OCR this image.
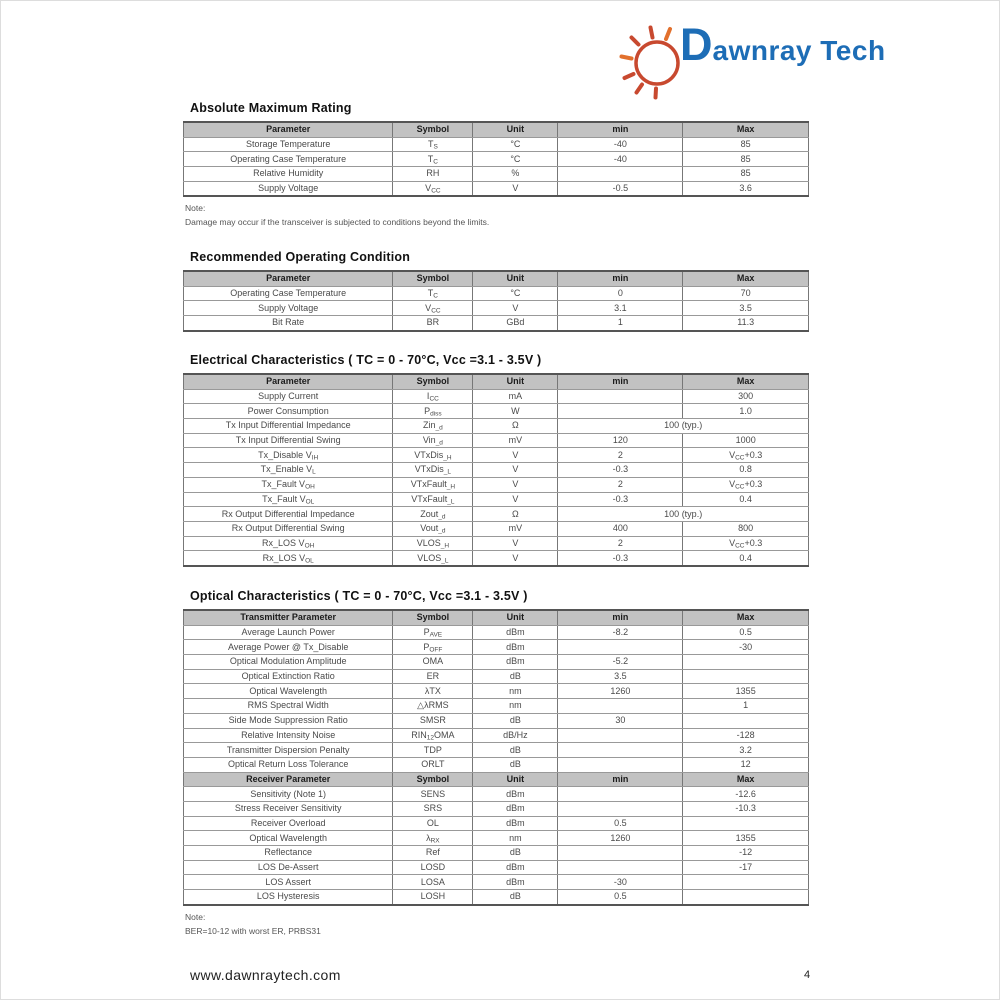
Dawnray Tech
Absolute Maximum Rating
Parameter	Symbol	Unit	min	Max
Storage Temperature	$T_S$	°C	-40	85
Operating Case Temperature	$T_C$	°C	-40	85
Relative Humidity	RH	%		85
Supply Voltage	$V_{CC}$	V	-0.5	3.6
Note:
Damage may occur if the transceiver is subjected to conditions beyond the limits.
Recommended Operating Condition
Parameter	Symbol	Unit	min	Max
Operating Case Temperature	$T_C$	°C	0	70
Supply Voltage	$V_{CC}$	V	3.1	3.5
Bit Rate	BR	GBd	1	11.3
Electrical Characteristics ( TC = 0 - 70°C, Vcc =3.1 - 3.5V )
Parameter	Symbol	Unit	min	Max
Supply Current	$I_{CC}$	mA		300
Power Consumption	$P_{diss}$	W		1.0
Tx Input Differential Impedance	Zin$_{\_d}$	Ω	100 (typ.)	
Tx Input Differential Swing	Vin$_{\_d}$	mV	120	1000
Tx_Disable $V_{IH}$	VTxDis$_{\_H}$	V	2	$V_{CC}+0.3$
Tx_Enable $V_L$	VTxDis$_{\_L}$	V	-0.3	0.8
Tx_Fault $V_{OH}$	VTxFault$_{\_H}$	V	2	$V_{CC}+0.3$
Tx_Fault $V_{OL}$	VTxFault$_{\_L}$	V	-0.3	0.4
Rx Output Differential Impedance	Zout$_{\_d}$	Ω	100 (typ.)	
Rx Output Differential Swing	Vout$_{\_d}$	mV	400	800
Rx_LOS $V_{OH}$	$VLOS_{\_H}$	V	2	$V_{CC}+0.3$
Rx_LOS $V_{OL}$	$VLOS_{\_L}$	V	-0.3	0.4
Optical Characteristics ( TC = 0 - 70°C, Vcc =3.1 - 3.5V )
Transmitter Parameter	Symbol	Unit	min	Max
Average Launch Power	$P_{AVE}$	dBm	-8.2	0.5
Average Power @ Tx_Disable	$P_{OFF}$	dBm		-30
Optical Modulation Amplitude	OMA	dBm	-5.2	
Optical Extinction Ratio	ER	dB	3.5	
Optical Wavelength	λTX	nm	1260	1355
RMS Spectral Width	△λRMS	nm		1
Side Mode Suppression Ratio	SMSR	dB	30	
Relative Intensity Noise	$RIN_{12}OMA$	dB/Hz		-128
Transmitter Dispersion Penalty	TDP	dB		3.2
Optical Return Loss Tolerance	ORLT	dB		12
Receiver Parameter	Symbol	Unit	min	Max
Sensitivity (Note 1)	SENS	dBm		-12.6
Stress Receiver Sensitivity	SRS	dBm		-10.3
Receiver Overload	OL	dBm	0.5	
Optical Wavelength	$\lambda_{RX}$	nm	1260	1355
Reflectance	Ref	dB		-12
LOS De-Assert	LOSD	dBm		-17
LOS Assert	LOSA	dBm	-30	
LOS Hysteresis	LOSH	dB	0.5	
Note:
BER=10-12 with worst ER, PRBS31
www.dawnraytech.com	4
